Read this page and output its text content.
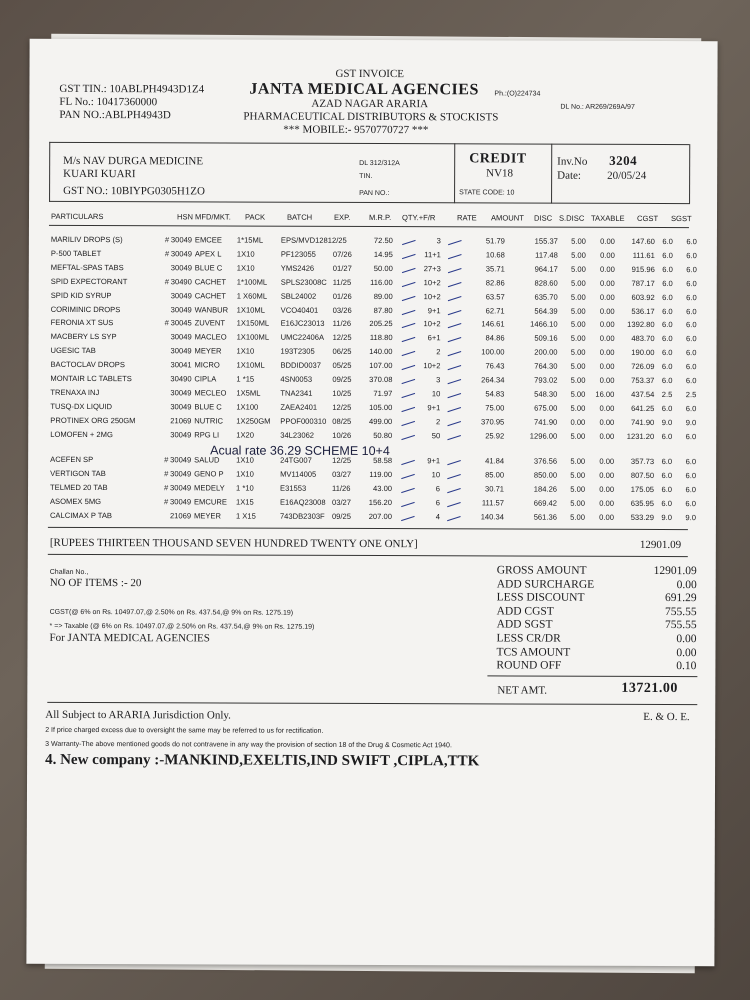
GST TIN.: 10ABLPH4943D1Z4
FL No.: 10417360000
PAN NO.:ABLPH4943D
GST INVOICE
JANTA MEDICAL AGENCIES Ph.:(O)224734
AZAD NAGAR ARARIA	DL No.: AR269/269A/97
PHARMACEUTICAL DISTRIBUTORS & STOCKISTS
*** MOBILE:- 9570770727 ***
M/s NAV DURGA MEDICINE
KUARI KUARI
GST NO.: 10BIYPG0305H1ZO
DL 312/312A
TIN.
PAN NO.:
CREDIT
NV18
STATE CODE: 10
Inv.No 3204
Date: 20/05/24
PARTICULARS	HSN MFD/MKT. PACK	BATCH	EXP. M.R.P. QTY.+F/R	RATE AMOUNT DISC S.DISC TAXABLE CGST SGST
MARILIV DROPS (S)	# 30049 EMCEE 1*15ML EPS/MVD12812/25	72.50	3	51.79	155.37 5.00 0.00 147.60 6.0 6.0
P-500 TABLET	# 30049 APEX L 1X10	PF123055 07/26	14.95	11+1	10.68	117.48 5.00 0.00 111.61 6.0 6.0
MEFTAL-SPAS TABS	30049 BLUE C 1X10	YMS2426 01/27	50.00	27+3	35.71	964.17 5.00 0.00 915.96 6.0 6.0
SPID EXPECTORANT	# 30490 CACHET 1*100ML SPLS23008C 11/25 116.00	10+2	82.86	828.60 5.00 0.00 787.17 6.0 6.0
SPID KID SYRUP	30049 CACHET 1 X60ML SBL24002 01/26	89.00	10+2	63.57	635.70 5.00 0.00 603.92 6.0 6.0
CORIMINIC DROPS	30049 WANBUR 1X10ML VCO40401 03/26	87.80	9+1	62.71	564.39 5.00 0.00 536.17 6.0 6.0
FERONIA XT SUS	# 30045 ZUVENT 1X150ML E16JC23013 11/26 205.25	10+2	146.61	1466.10 5.00 0.00 1392.80 6.0 6.0
MACBERY LS SYP	30049 MACLEO 1X100ML UMC22406A 12/25 118.80	6+1	84.86	509.16 5.00 0.00 483.70 6.0 6.0
UGESIC TAB	30049 MEYER 1X10	193T2305 06/25 140.00	2	100.00	200.00 5.00 0.00 190.00 6.0 6.0
BACTOCLAV DROPS	30041 MICRO 1X10ML BDDID0037 05/25 107.00	10+2	76.43	764.30 5.00 0.00 726.09 6.0 6.0
MONTAIR LC TABLETS	30490 CIPLA	1 *15	4SN0053	09/25 370.08	3	264.34	793.02 5.00 0.00 753.37 6.0 6.0
TRENAXA INJ	30049 MECLEO 1X5ML	TNA2341	10/25	71.97	10	54.83	548.30 5.00 16.00 437.54 2.5 2.5
TUSQ-DX LIQUID	30049 BLUE C 1X100	ZAEA2401 12/25 105.00	9+1	75.00	675.00 5.00 0.00 641.25 6.0 6.0
PROTINEX ORG 250GM	21069 NUTRIC 1X250GM PPOF000310 08/25 499.00	2	370.95	741.90 0.00 0.00 741.90 9.0 9.0
LOMOFEN + 2MG	30049 RPG LI 1X20	34L23062 10/26	50.80	50	25.92	1296.00 5.00 0.00 1231.20 6.0 6.0
ACEFEN SP	# 30049 SALUD 1X10	24TG007	12/25	58.58	9+1	41.84	376.56 5.00 0.00 357.73 6.0 6.0
VERTIGON TAB	# 30049 GENO P 1X10	MV114005 03/27 119.00	10	85.00	850.00 5.00 0.00 807.50 6.0 6.0
TELMED 20 TAB	# 30049 MEDELY 1 *10	E31553	11/26	43.00	6	30.71	184.26 5.00 0.00 175.05 6.0 6.0
ASOMEX 5MG	# 30049 EMCURE 1X15	E16AQ23008 03/27 156.20	6	111.57	669.42 5.00 0.00 635.95 6.0 6.0
CALCIMAX P TAB	21069 MEYER 1 X15	743DB2303F 09/25 207.00	4	140.34	561.36 5.00 0.00 533.29 9.0 9.0
Acual rate 36.29 SCHEME 10+4
[RUPEES THIRTEEN THOUSAND SEVEN HUNDRED TWENTY ONE ONLY]	12901.09
Challan No.,
NO OF ITEMS :- 20
CGST(@ 6% on Rs. 10497.07,@ 2.50% on Rs. 437.54,@ 9% on Rs. 1275.19)
* => Taxable (@ 6% on Rs. 10497.07,@ 2.50% on Rs. 437.54,@ 9% on Rs. 1275.19)
For JANTA MEDICAL AGENCIES
GROSS AMOUNT	12901.09
ADD SURCHARGE	0.00
LESS DISCOUNT	691.29
ADD CGST	755.55
ADD SGST	755.55
LESS CR/DR	0.00
TCS AMOUNT	0.00
ROUND OFF	0.10
NET AMT.	13721.00
All Subject to ARARIA Jurisdiction Only.	E. & O. E.
2 If price charged excess due to oversight the same may be referred to us for rectification.
3 Warranty-The above mentioned goods do not contravene in any way the provision of section 18 of the Drug & Cosmetic Act 1940.
4. New company :-MANKIND,EXELTIS,IND SWIFT ,CIPLA,TTK
